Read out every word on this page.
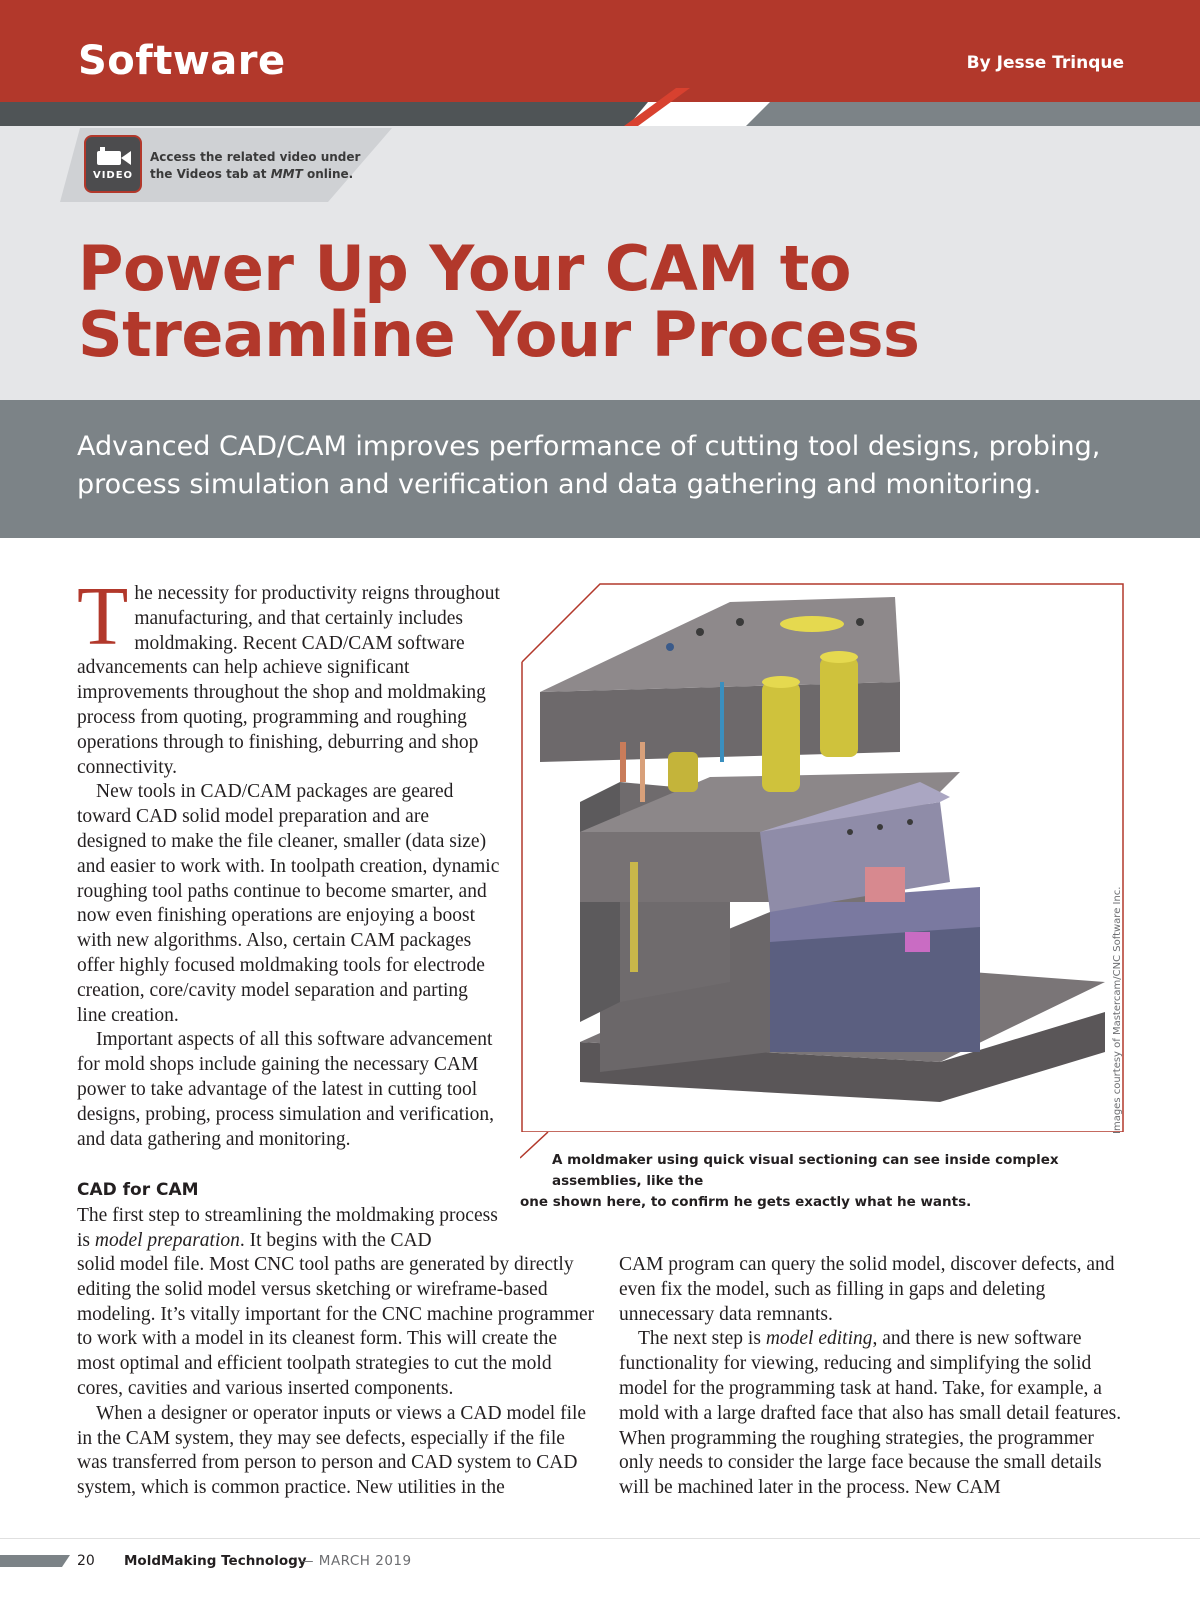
Software	By Jesse Trinque
VIDEO
Access the related video under
the Videos tab at MMT online.
Power Up Your CAM to
Streamline Your Process

Advanced CAD/CAM improves performance of cutting tool designs, probing, process simulation and verification and data gathering and monitoring.

The necessity for productivity reigns throughout manufacturing, and that certainly includes moldmaking. Recent CAD/CAM software advancements can help achieve significant improvements throughout the shop and moldmaking process from quoting, programming and roughing operations through to finishing, deburring and shop connectivity.

New tools in CAD/CAM packages are geared toward CAD solid model preparation and are designed to make the file cleaner, smaller (data size) and easier to work with. In toolpath creation, dynamic roughing tool paths continue to become smarter, and now even finishing operations are enjoying a boost with new algorithms. Also, certain CAM packages offer highly focused moldmaking tools for electrode creation, core/cavity model separation and parting line creation.

Important aspects of all this software advancement for mold shops include gaining the necessary CAM power to take advantage of the latest in cutting tool designs, probing, process simulation and verification, and data gathering and monitoring.

CAD for CAM

The first step to streamlining the moldmaking process is model preparation. It begins with the CAD

solid model file. Most CNC tool paths are generated by directly editing the solid model versus sketching or wireframe-based modeling. It’s vitally important for the CNC machine programmer to work with a model in its cleanest form. This will create the most optimal and efficient toolpath strategies to cut the mold cores, cavities and various inserted components.

When a designer or operator inputs or views a CAD model file in the CAM system, they may see defects, especially if the file was transferred from person to person and CAD system to CAD system, which is common practice. New utilities in the

CAM program can query the solid model, discover defects, and even fix the model, such as filling in gaps and deleting unnecessary data remnants.

The next step is model editing, and there is new software functionality for viewing, reducing and simplifying the solid model for the programming task at hand. Take, for example, a mold with a large drafted face that also has small detail features. When programming the roughing strategies, the programmer only needs to consider the large face because the small details will be machined later in the process. New CAM

Images courtesy of Mastercam/CNC Software Inc.
A moldmaker using quick visual sectioning can see inside complex assemblies, like the
one shown here, to confirm he gets exactly what he wants.
20 MoldMaking Technology
— MARCH 2019
